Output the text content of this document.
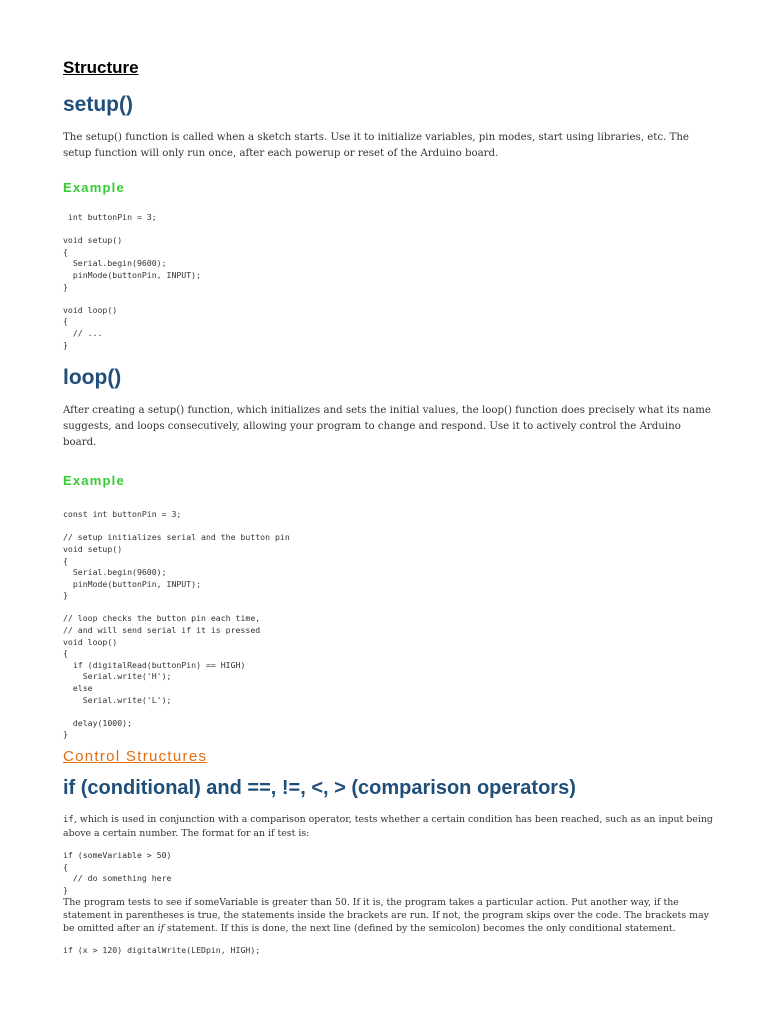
Structure
setup()

The setup() function is called when a sketch starts. Use it to initialize variables, pin modes, start using libraries, etc. The setup function will only run once, after each powerup or reset of the Arduino board.

Example
int buttonPin = 3;

void setup()
{
Serial.begin(9600);
pinMode(buttonPin, INPUT);
}

void loop()
{
// ...
}
loop()

After creating a setup() function, which initializes and sets the initial values, the loop() function does precisely what its name suggests, and loops consecutively, allowing your program to change and respond. Use it to actively control the Arduino board.

Example
const int buttonPin = 3;

// setup initializes serial and the button pin
void setup()
{
Serial.begin(9600);
pinMode(buttonPin, INPUT);
}

// loop checks the button pin each time,
// and will send serial if it is pressed
void loop()
{
if (digitalRead(buttonPin) == HIGH)
Serial.write('H');
else
Serial.write('L');

delay(1000);
}
Control Structures
if (conditional) and ==, !=, <, > (comparison operators)

if, which is used in conjunction with a comparison operator, tests whether a certain condition has been reached, such as an input being above a certain number. The format for an if test is:

if (someVariable > 50)
{
// do something here
}

The program tests to see if someVariable is greater than 50. If it is, the program takes a particular action. Put another way, if the statement in parentheses is true, the statements inside the brackets are run. If not, the program skips over the code. The brackets may be omitted after an if statement. If this is done, the next line (defined by the semicolon) becomes the only conditional statement.

if (x > 120) digitalWrite(LEDpin, HIGH);
